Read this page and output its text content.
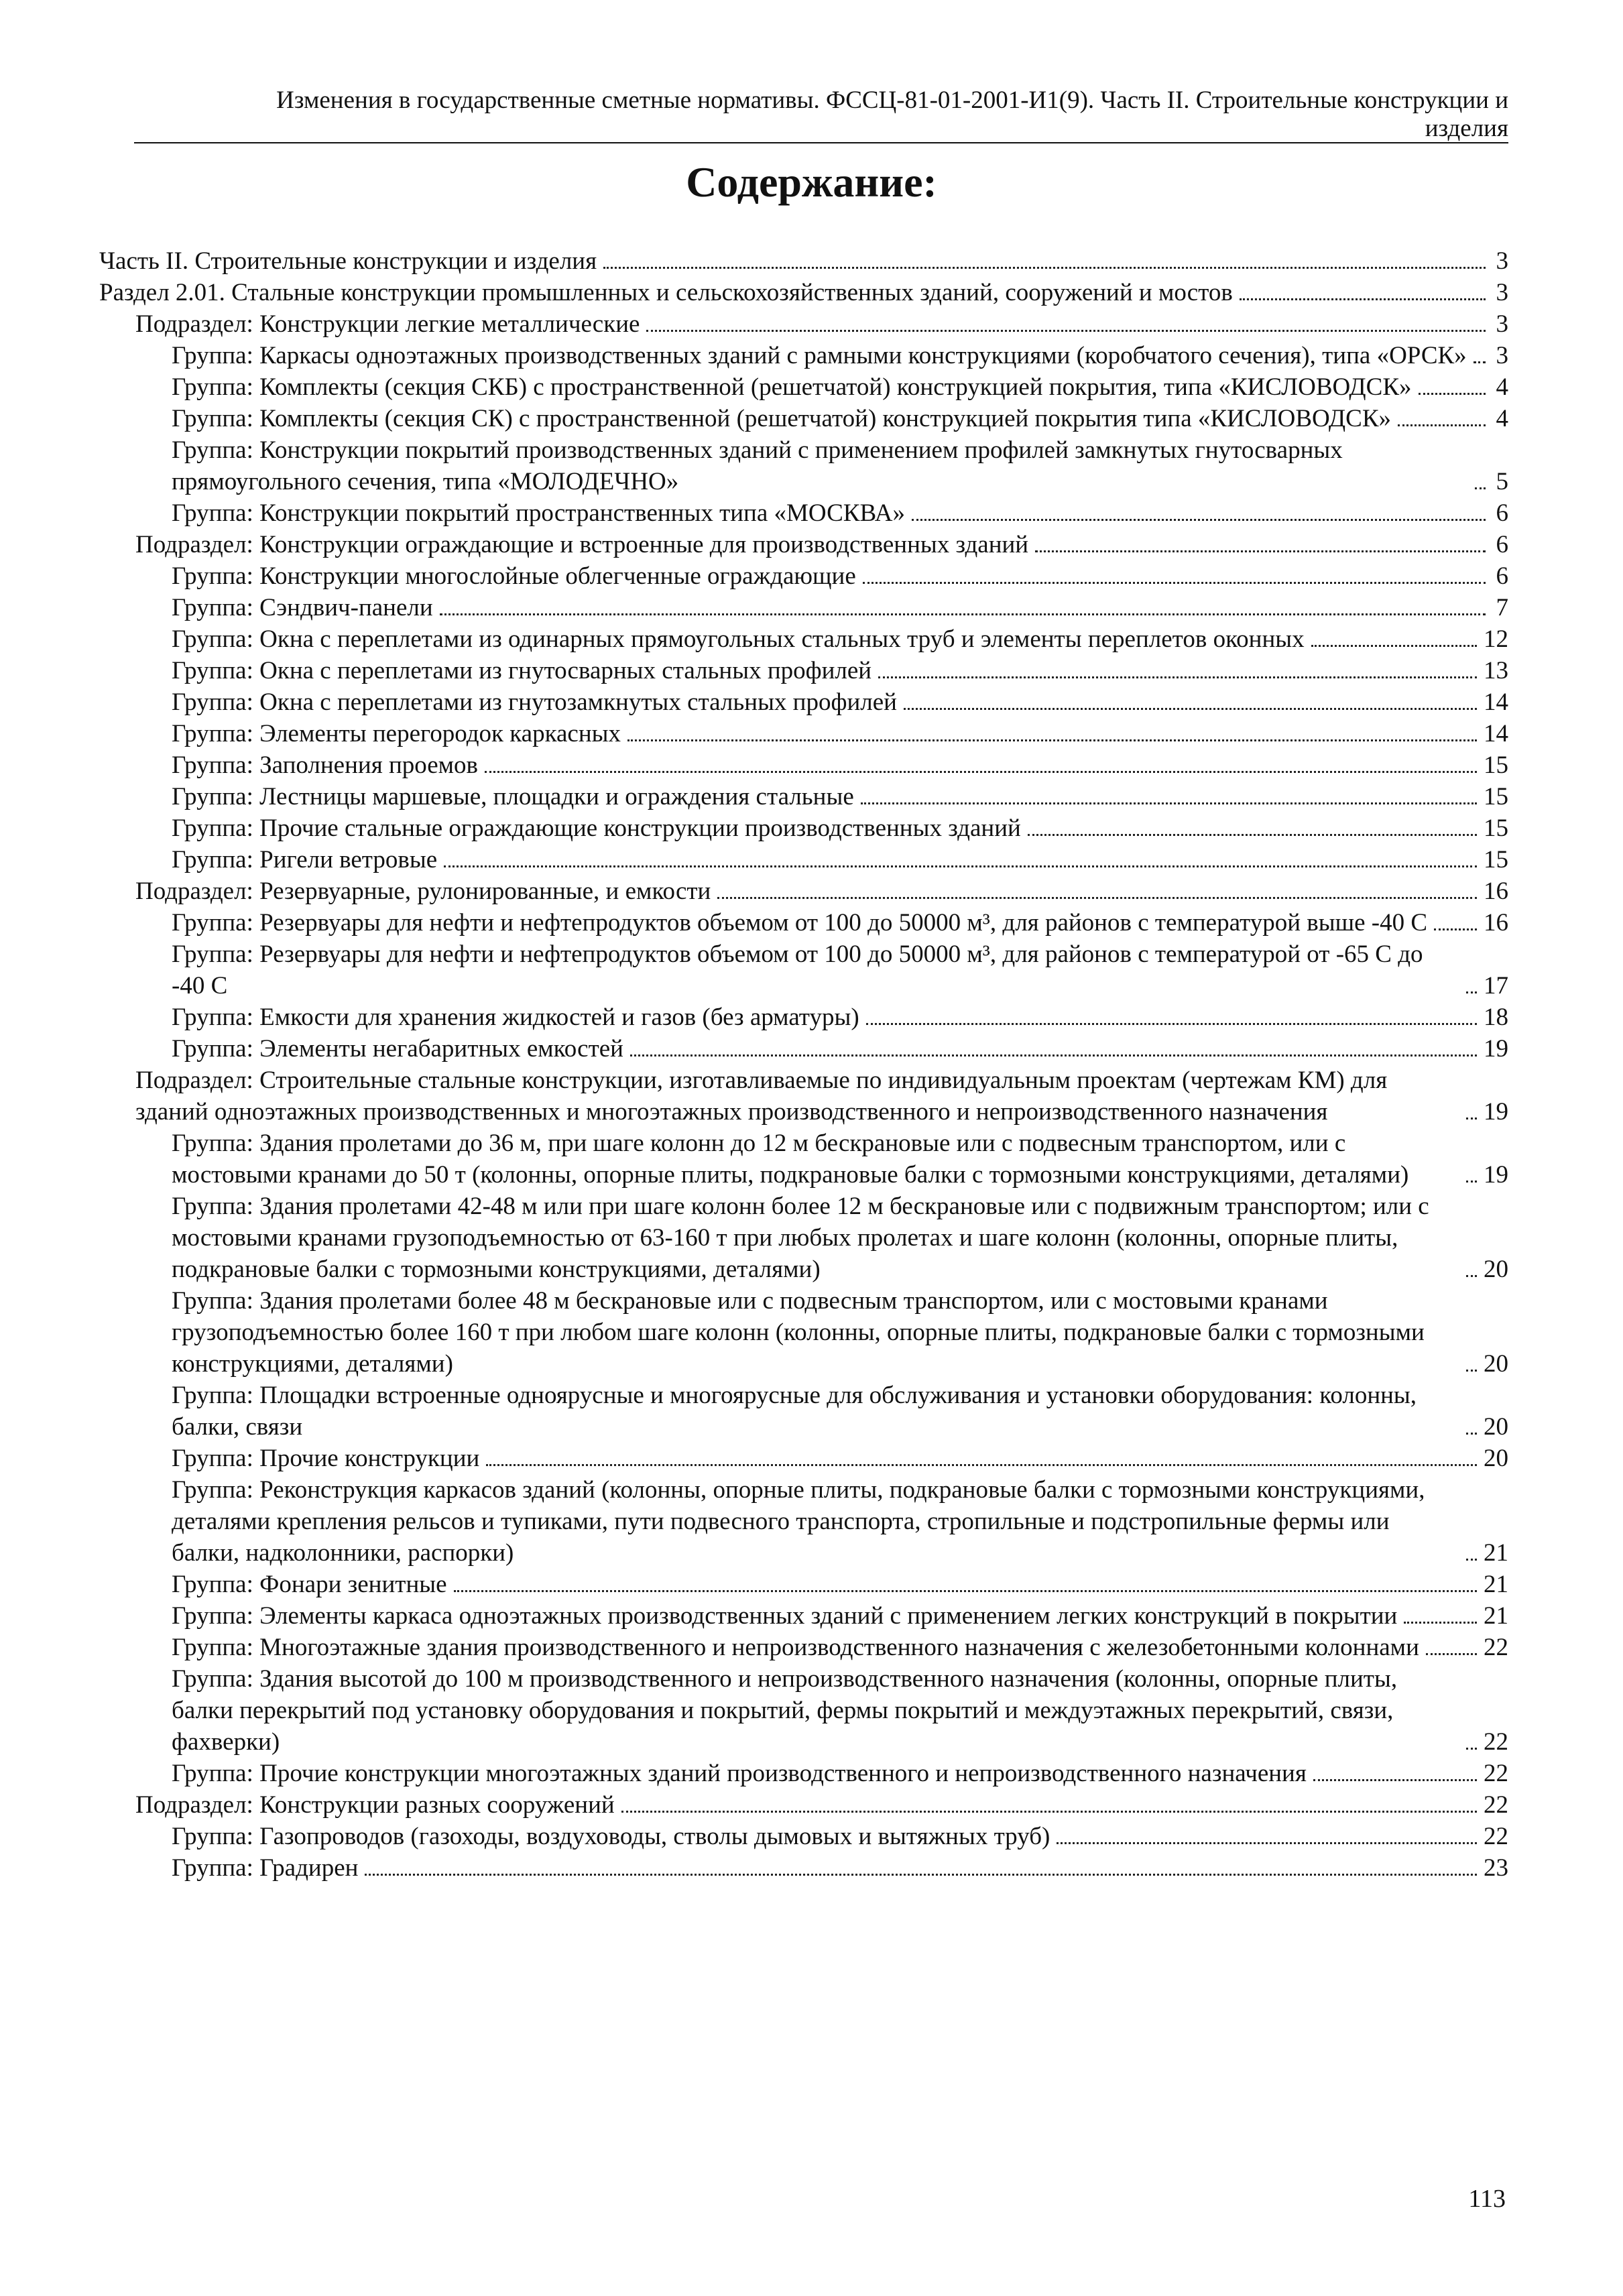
Изменения в государственные сметные нормативы. ФССЦ-81-01-2001-И1(9). Часть II. Строительные конструкции и
изделия
Содержание:
Часть II. Строительные конструкции и изделия	3
Раздел 2.01. Стальные конструкции промышленных и сельскохозяйственных зданий, сооружений и мостов	3
Подраздел: Конструкции легкие металлические	3
Группа: Каркасы одноэтажных производственных зданий с рамными конструкциями (коробчатого сечения), типа «ОРСК» 3
Группа: Комплекты (секция СКБ) с пространственной (решетчатой) конструкцией покрытия, типа «КИСЛОВОДСК»	4
Группа: Комплекты (секция СК) с пространственной (решетчатой) конструкцией покрытия типа «КИСЛОВОДСК»	4
Группа: Конструкции покрытий производственных зданий с применением профилей замкнутых гнутосварных прямоугольного сечения, типа «МОЛОДЕЧНО»	5
Группа: Конструкции покрытий пространственных типа «МОСКВА»	6
Подраздел: Конструкции ограждающие и встроенные для производственных зданий	6
Группа: Конструкции многослойные облегченные ограждающие	6
Группа: Сэндвич-панели	7
Группа: Окна с переплетами из одинарных прямоугольных стальных труб и элементы переплетов оконных	12
Группа: Окна с переплетами из гнутосварных стальных профилей	13
Группа: Окна с переплетами из гнутозамкнутых стальных профилей	14
Группа: Элементы перегородок каркасных	14
Группа: Заполнения проемов	15
Группа: Лестницы маршевые, площадки и ограждения стальные	15
Группа: Прочие стальные ограждающие конструкции производственных зданий	15
Группа: Ригели ветровые	15
Подраздел: Резервуарные, рулонированные, и емкости	16
Группа: Резервуары для нефти и нефтепродуктов объемом от 100 до 50000 м³, для районов с температурой выше -40 С 16
Группа: Резервуары для нефти и нефтепродуктов объемом от 100 до 50000 м³, для районов с температурой от -65 С до -40 С	17
Группа: Емкости для хранения жидкостей и газов (без арматуры)	18
Группа: Элементы негабаритных емкостей	19
Подраздел: Строительные стальные конструкции, изготавливаемые по индивидуальным проектам (чертежам КМ) для зданий одноэтажных производственных и многоэтажных производственного и непроизводственного назначения	19
Группа: Здания пролетами до 36 м, при шаге колонн до 12 м бескрановые или с подвесным транспортом, или с мостовыми кранами до 50 т (колонны, опорные плиты, подкрановые балки с тормозными конструкциями, деталями)	19
Группа: Здания пролетами 42-48 м или при шаге колонн более 12 м бескрановые или с подвижным транспортом; или с мостовыми кранами грузоподъемностью от 63-160 т при любых пролетах и шаге колонн (колонны, опорные плиты, подкрановые балки с тормозными конструкциями, деталями)	20
Группа: Здания пролетами более 48 м бескрановые или с подвесным транспортом, или с мостовыми кранами грузоподъемностью более 160 т при любом шаге колонн (колонны, опорные плиты, подкрановые балки с тормозными конструкциями, деталями)	20
Группа: Площадки встроенные одноярусные и многоярусные для обслуживания и установки оборудования: колонны, балки, связи	20
Группа: Прочие конструкции	20
Группа: Реконструкция каркасов зданий (колонны, опорные плиты, подкрановые балки с тормозными конструкциями, деталями крепления рельсов и тупиками, пути подвесного транспорта, стропильные и подстропильные фермы или балки, надколонники, распорки)	21
Группа: Фонари зенитные	21
Группа: Элементы каркаса одноэтажных производственных зданий с применением легких конструкций в покрытии	21
Группа: Многоэтажные здания производственного и непроизводственного назначения с железобетонными колоннами	22
Группа: Здания высотой до 100 м производственного и непроизводственного назначения (колонны, опорные плиты, балки перекрытий под установку оборудования и покрытий, фермы покрытий и междуэтажных перекрытий, связи, фахверки)	22
Группа: Прочие конструкции многоэтажных зданий производственного и непроизводственного назначения	22
Подраздел: Конструкции разных сооружений	22
Группа: Газопроводов (газоходы, воздуховоды, стволы дымовых и вытяжных труб)	22
Группа: Градирен	23
113
